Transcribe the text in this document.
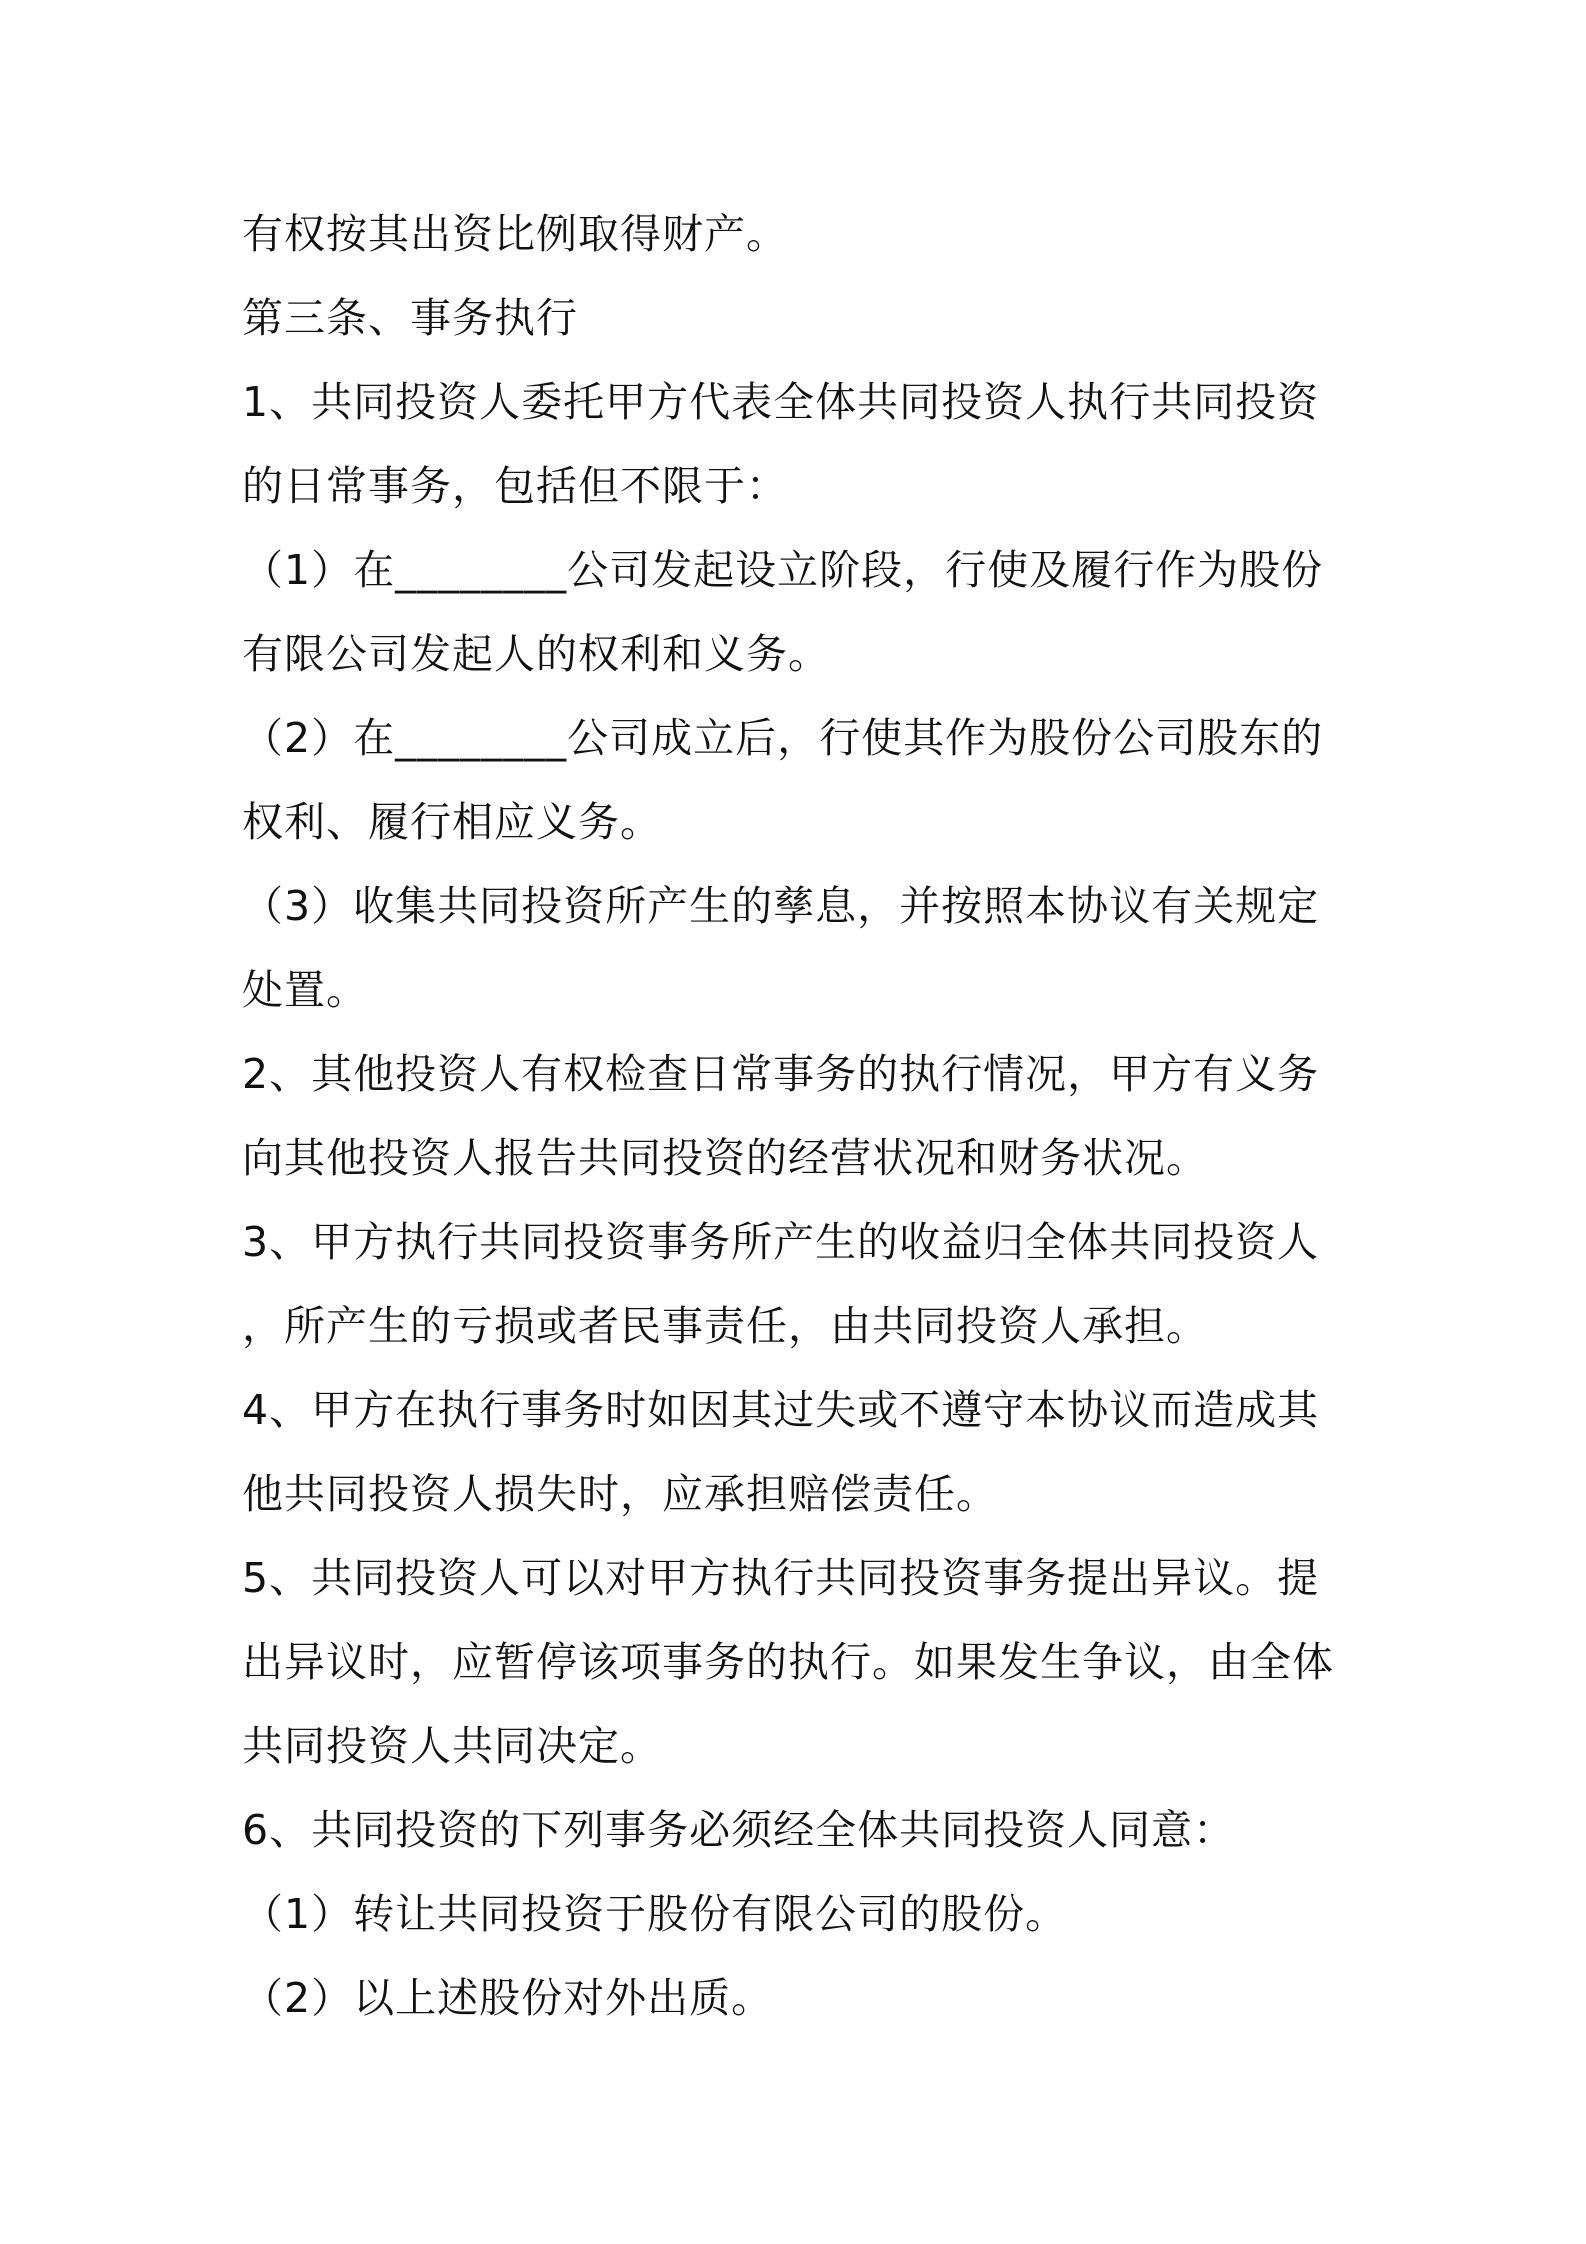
有权按其出资比例取得财产。
第三条、事务执行
1、共同投资人委托甲方代表全体共同投资人执行共同投资
的日常事务，包括但不限于：
（1）在________公司发起设立阶段，行使及履行作为股份
有限公司发起人的权利和义务。
（2）在________公司成立后，行使其作为股份公司股东的
权利、履行相应义务。
（3）收集共同投资所产生的孳息，并按照本协议有关规定
处置。
2、其他投资人有权检查日常事务的执行情况，甲方有义务
向其他投资人报告共同投资的经营状况和财务状况。
3、甲方执行共同投资事务所产生的收益归全体共同投资人
，所产生的亏损或者民事责任，由共同投资人承担。
4、甲方在执行事务时如因其过失或不遵守本协议而造成其
他共同投资人损失时，应承担赔偿责任。
5、共同投资人可以对甲方执行共同投资事务提出异议。提
出异议时，应暂停该项事务的执行。如果发生争议，由全体
共同投资人共同决定。
6、共同投资的下列事务必须经全体共同投资人同意：
（1）转让共同投资于股份有限公司的股份。
（2）以上述股份对外出质。
